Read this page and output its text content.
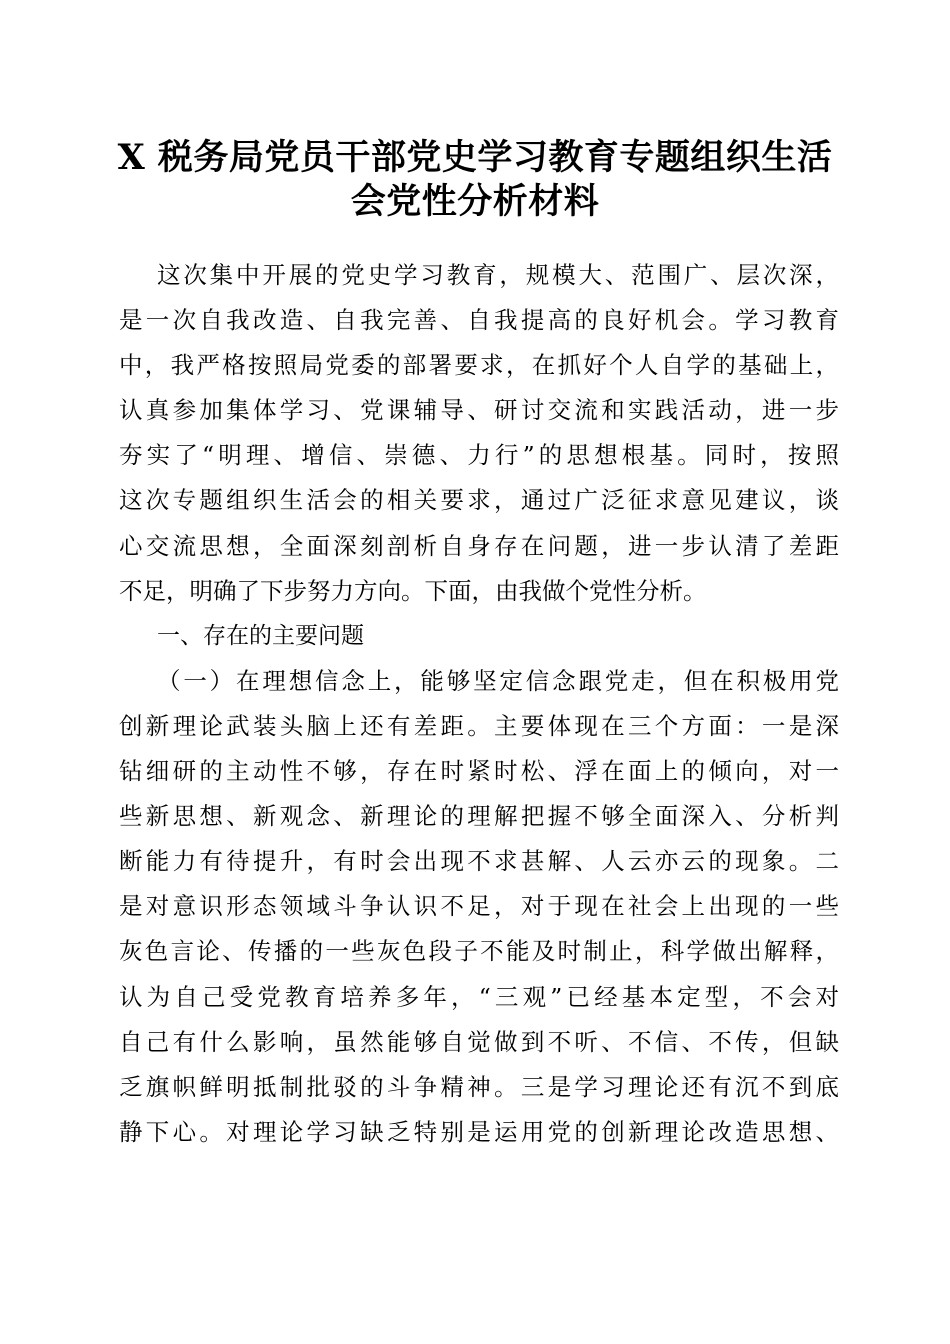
X 税务局党员干部党史学习教育专题组织生活
会党性分析材料
这次集中开展的党史学习教育，规模大、范围广、层次深，
是一次自我改造、自我完善、自我提高的良好机会。学习教育
中，我严格按照局党委的部署要求，在抓好个人自学的基础上，
认真参加集体学习、党课辅导、研讨交流和实践活动，进一步
夯实了“明理、增信、崇德、力行”的思想根基。同时，按照
这次专题组织生活会的相关要求，通过广泛征求意见建议，谈
心交流思想，全面深刻剖析自身存在问题，进一步认清了差距
不足，明确了下步努力方向。下面，由我做个党性分析。
一、存在的主要问题
（一）在理想信念上，能够坚定信念跟党走，但在积极用党
创新理论武装头脑上还有差距。主要体现在三个方面：一是深
钻细研的主动性不够，存在时紧时松、浮在面上的倾向，对一
些新思想、新观念、新理论的理解把握不够全面深入、分析判
断能力有待提升，有时会出现不求甚解、人云亦云的现象。二
是对意识形态领域斗争认识不足，对于现在社会上出现的一些
灰色言论、传播的一些灰色段子不能及时制止，科学做出解释，
认为自己受党教育培养多年，“三观”已经基本定型，不会对
自己有什么影响，虽然能够自觉做到不听、不信、不传，但缺
乏旗帜鲜明抵制批驳的斗争精神。三是学习理论还有沉不到底
静下心。对理论学习缺乏特别是运用党的创新理论改造思想、
